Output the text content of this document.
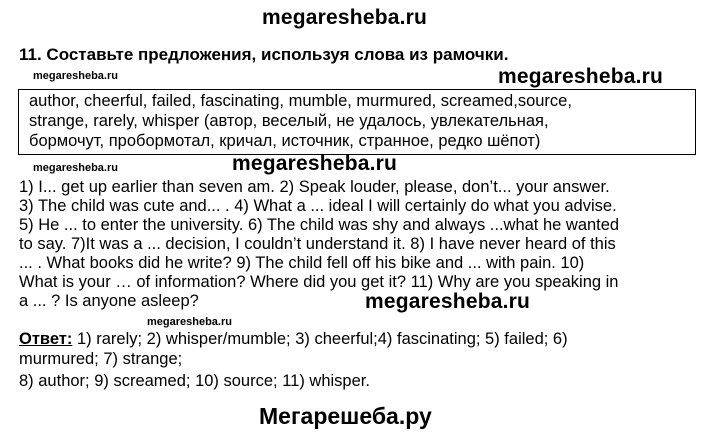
megaresheba.ru
11. Составьте предложения, используя слова из рамочки.
megaresheba.ru	megaresheba.ru
author, cheerful, failed, fascinating, mumble, murmured, screamed,source,
strange, rarely, whisper (автор, веселый, не удалось, увлекательная,
бормочут, пробормотал, кричал, источник, странное, редко шёпот)
megaresheba.ru	megaresheba.ru
1) I... get up earlier than seven am. 2) Speak louder, please, don’t... your answer.
3) The child was cute and... . 4) What a ... ideal I will certainly do what you advise.
5) He ... to enter the university. 6) The child was shy and always ...what he wanted
to say. 7)It was a ... decision, I couldn’t understand it. 8) I have never heard of this
... . What books did he write? 9) The child fell off his bike and ... with pain. 10)
What is your … of information? Where did you get it? 11) Why are you speaking in
a ... ? Is anyone asleep?	megaresheba.ru
megaresheba.ru
Ответ: 1) rarely; 2) whisper/mumble; 3) cheerful;4) fascinating; 5) failed; 6)
murmured; 7) strange;
8) author; 9) screamed; 10) source; 11) whisper.
Мегарешеба.ру
